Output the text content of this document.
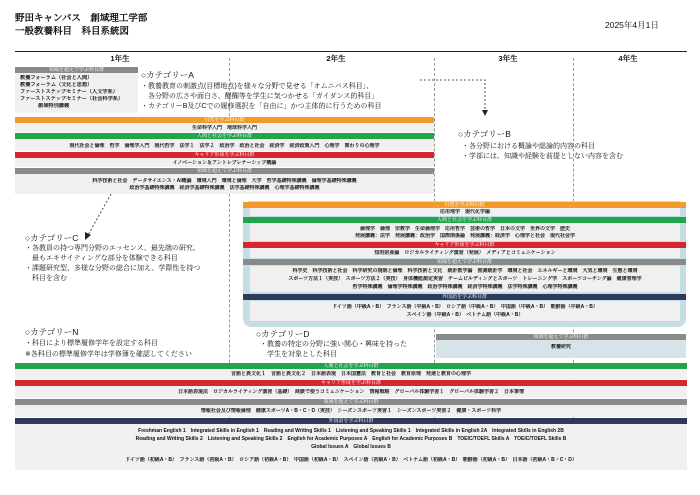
野田キャンパス　創域理工学部
一般教養科目　科目系統図
2025年4月1日
1年生	2年生	3年生	4年生
領域を超えて学ぶ科目群
教養フォーラム（社会と人間）
教養フォーラム（文化と思想）
ファーストステップセミナー（人文学系）
ファーストステップセミナー（社会科学系）
創域特別講義
○カテゴリーA
・教養教育の刺激点(目標地点)を様々な分野で見せる「オムニバス科目」、
　各分野の広さや面白さ、醍醐等を学生に気つかせる「ガイダンス的科目」
・カテゴリーB及びCでの履修選択を「自由に」かつ主体的に行うための科目
自然を学ぶ科目群
生命科学入門　地球科学入門
人間と社会を学ぶ科目群
現代社会と倫理　哲学　倫理学入門　現代哲学　法学１　法学２　政治学　政治と社会　経済学　経済政策入門　心理学　関わりの心理学
キャリア形成を学ぶ科目群
イノベーション＆アントレプレナーシップ概論
領域を超えて学ぶ科目群
科学技術と社会　データサイエンス・AI概論　環境入門　環境と倫理　大学　哲学基礎特殊講義　倫理学基礎特殊講義
政治学基礎特殊講義　経済学基礎特殊講義　法学基礎特殊講義　心理学基礎特殊講義
○カテゴリーB
・各分野における概論や総論的内容の科目
・学部には、知識や経験を前提としない内容を含む
○カテゴリーC
・各教員の持つ専門分野のエッセンス、最先端の研究、
　最もエキサイティングな部分を体験できる科目
・課題研究型、多様な分野の総合に加え、学際性を持つ
　科目を含む
自然を学ぶ科目群
応用地学　現代化学論
人間と社会を学ぶ科目群
倫理学　倫理　宗教学　生命倫理学　応用哲学　芸術の哲学　日本の文学　世界の文学　歴史
発展講義：法学　発展講義：政治学　国際関係論　発展講義：経済学　心理学と社会　現代社会学
キャリア形成を学ぶ科目群
知的財産論　ロジカルライティング演習（発展）　メディアとコミュニケーション
領域を超えて学ぶ科目群
科学史　科学技術と社会　科学研究の規制と倫理　科学技術と文化　統計数学論　推測統計学　環境と社会　エネルギーと環境　大気と環境　生態と環境
スポーツ方法１（実技）　スポーツ方法２（実技）　身体機能測定実習　チームビルディングとスポーツ　トレーニング学　スポーツコーチング論　健康管理学
哲学特殊講義　倫理学特殊講義　政治学特殊講義　経済学特殊講義　法学特殊講義　心理学特殊講義
外国語を学ぶ科目群
ドイツ語（中級A・B）　フランス語（中級A・B）　ロシア語（中級A・B）　中国語（中級A・B）　朝鮮語（中級A・B）
スペイン語（中級A・B）　ベトナム語（中級A・B）
○カテゴリーN
・科目により標準履修学年を設定する科目
※各科目の標準履修学年は学修簿を確認してください
○カテゴリーD
・教養の特定の分野に強い関心・興味を持った
　学生を対象とした科目
領域を超えて学ぶ科目群
教養研究
人間と社会を学ぶ科目群
言語と異文化１　言語と異文化２　日本語表現　日本国憲法　教育と社会　教育原理　発達と教育の心理学
キャリア形成を学ぶ科目群
日本語表現法　ロジカルライティング演習（基礎）　商談で使うコミュニケーション　情報戦略　グローバル体験学習１　グローバル体験学習２　日本事情
領域を超えて学ぶ科目群
情報社会及び情報倫理　健康スポーツA・B・C・D（実技）　シーズンスポーツ実習１　シーズンスポーツ実習２　健康・スポーツ科学
外国語を学ぶ科目群
Freshman English 1　Integrated Skills in English 1　Reading and Writing Skills 1　Listening and Speaking Skills 1　Integrated Skills in English 2A　Integrated Skills in English 2B
Reading and Writing Skills 2　Listening and Speaking Skills 2　English for Academic Purposes A　English for Academic Purposes B　TOEIC/TOEFL Skills A　TOEIC/TOEFL Skills B
Global Issues A　Global Issues B
ドイツ語（初級A・B）　フランス語（初級A・B）　ロシア語（初級A・B）　中国語（初級A・B）　スペイン語（初級A・B）　ベトナム語（初級A・B）　朝鮮語（初級A・B）　日本語（初級A・B・C・D）
